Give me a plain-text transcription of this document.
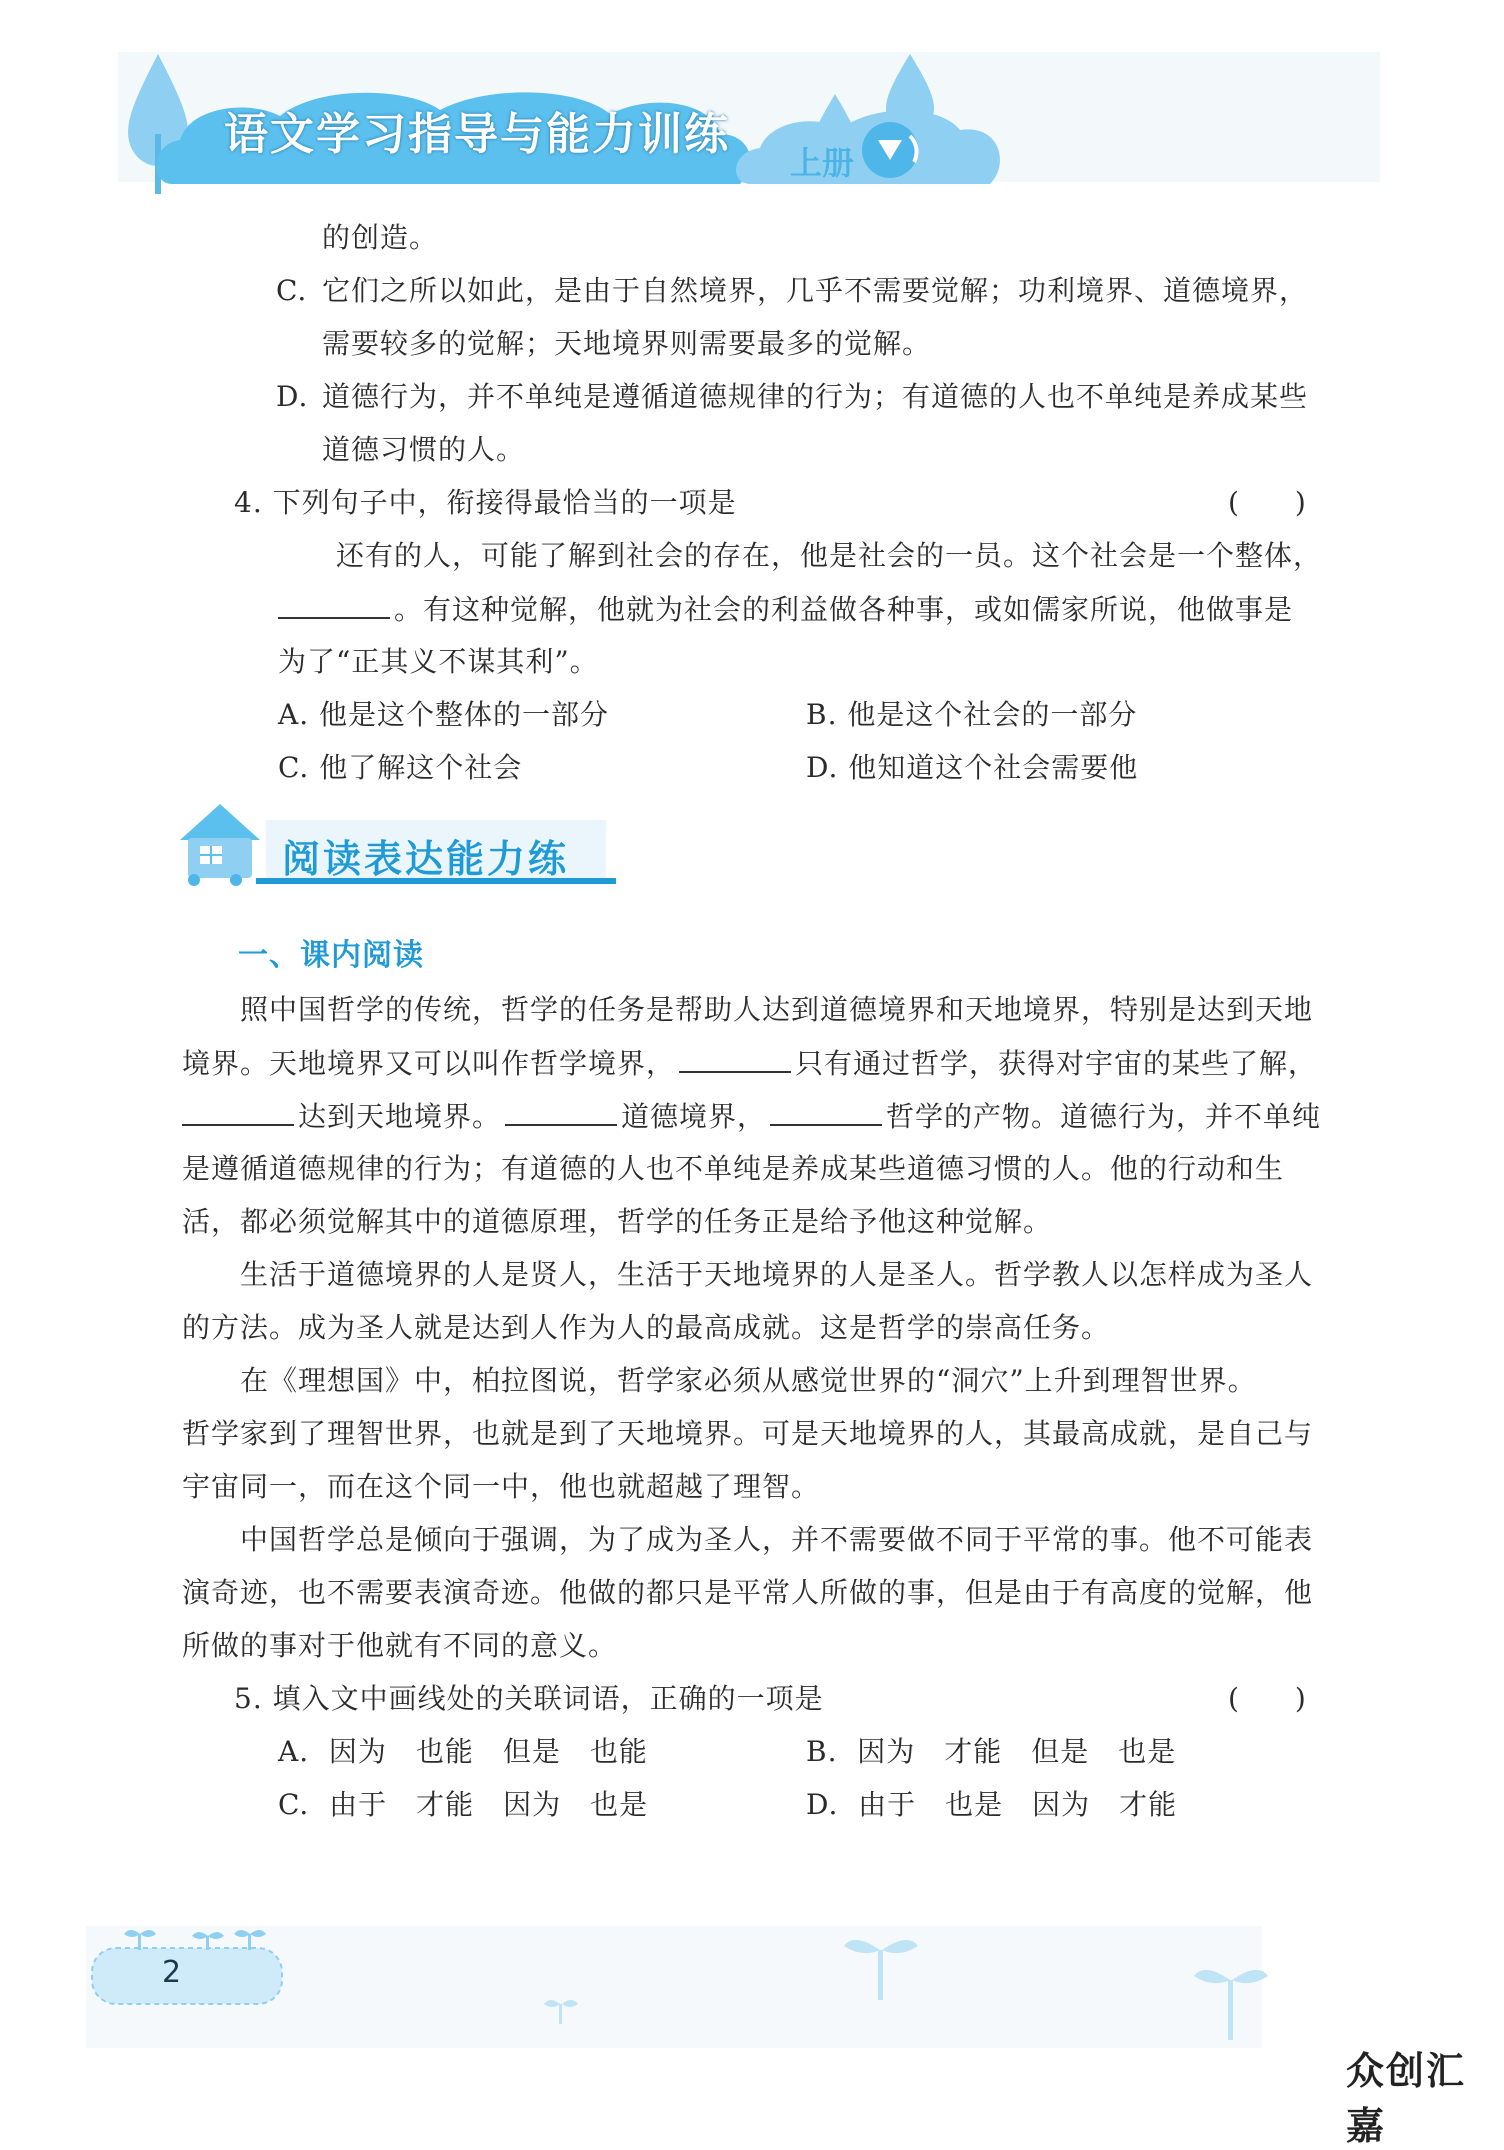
语文学习指导与能力训练
上册
的创造。
C. 它们之所以如此，是由于自然境界，几乎不需要觉解；功利境界、道德境界，
需要较多的觉解；天地境界则需要最多的觉解。
D. 道德行为，并不单纯是遵循道德规律的行为；有道德的人也不单纯是养成某些
道德习惯的人。
4. 下列句子中，衔接得最恰当的一项是	(　　)
还有的人，可能了解到社会的存在，他是社会的一员。这个社会是一个整体，
。有这种觉解，他就为社会的利益做各种事，或如儒家所说，他做事是
为了“正其义不谋其利”。
A. 他是这个整体的一部分	B. 他是这个社会的一部分
C. 他了解这个社会	D. 他知道这个社会需要他
阅读表达能力练
一、课内阅读
照中国哲学的传统，哲学的任务是帮助人达到道德境界和天地境界，特别是达到天地
境界。天地境界又可以叫作哲学境界，	只有通过哲学，获得对宇宙的某些了解，
达到天地境界。	道德境界，	哲学的产物。道德行为，并不单纯
是遵循道德规律的行为；有道德的人也不单纯是养成某些道德习惯的人。他的行动和生
活，都必须觉解其中的道德原理，哲学的任务正是给予他这种觉解。
生活于道德境界的人是贤人，生活于天地境界的人是圣人。哲学教人以怎样成为圣人
的方法。成为圣人就是达到人作为人的最高成就。这是哲学的崇高任务。
在《理想国》中，柏拉图说，哲学家必须从感觉世界的“洞穴”上升到理智世界。
哲学家到了理智世界，也就是到了天地境界。可是天地境界的人，其最高成就，是自己与
宇宙同一，而在这个同一中，他也就超越了理智。
中国哲学总是倾向于强调，为了成为圣人，并不需要做不同于平常的事。他不可能表
演奇迹，也不需要表演奇迹。他做的都只是平常人所做的事，但是由于有高度的觉解，他
所做的事对于他就有不同的意义。
5. 填入文中画线处的关联词语，正确的一项是	(　　)
A.  因为　也能　但是　也能	B.  因为　才能　但是　也是
C.  由于　才能　因为　也是	D.  由于　也是　因为　才能
2
众创汇嘉
